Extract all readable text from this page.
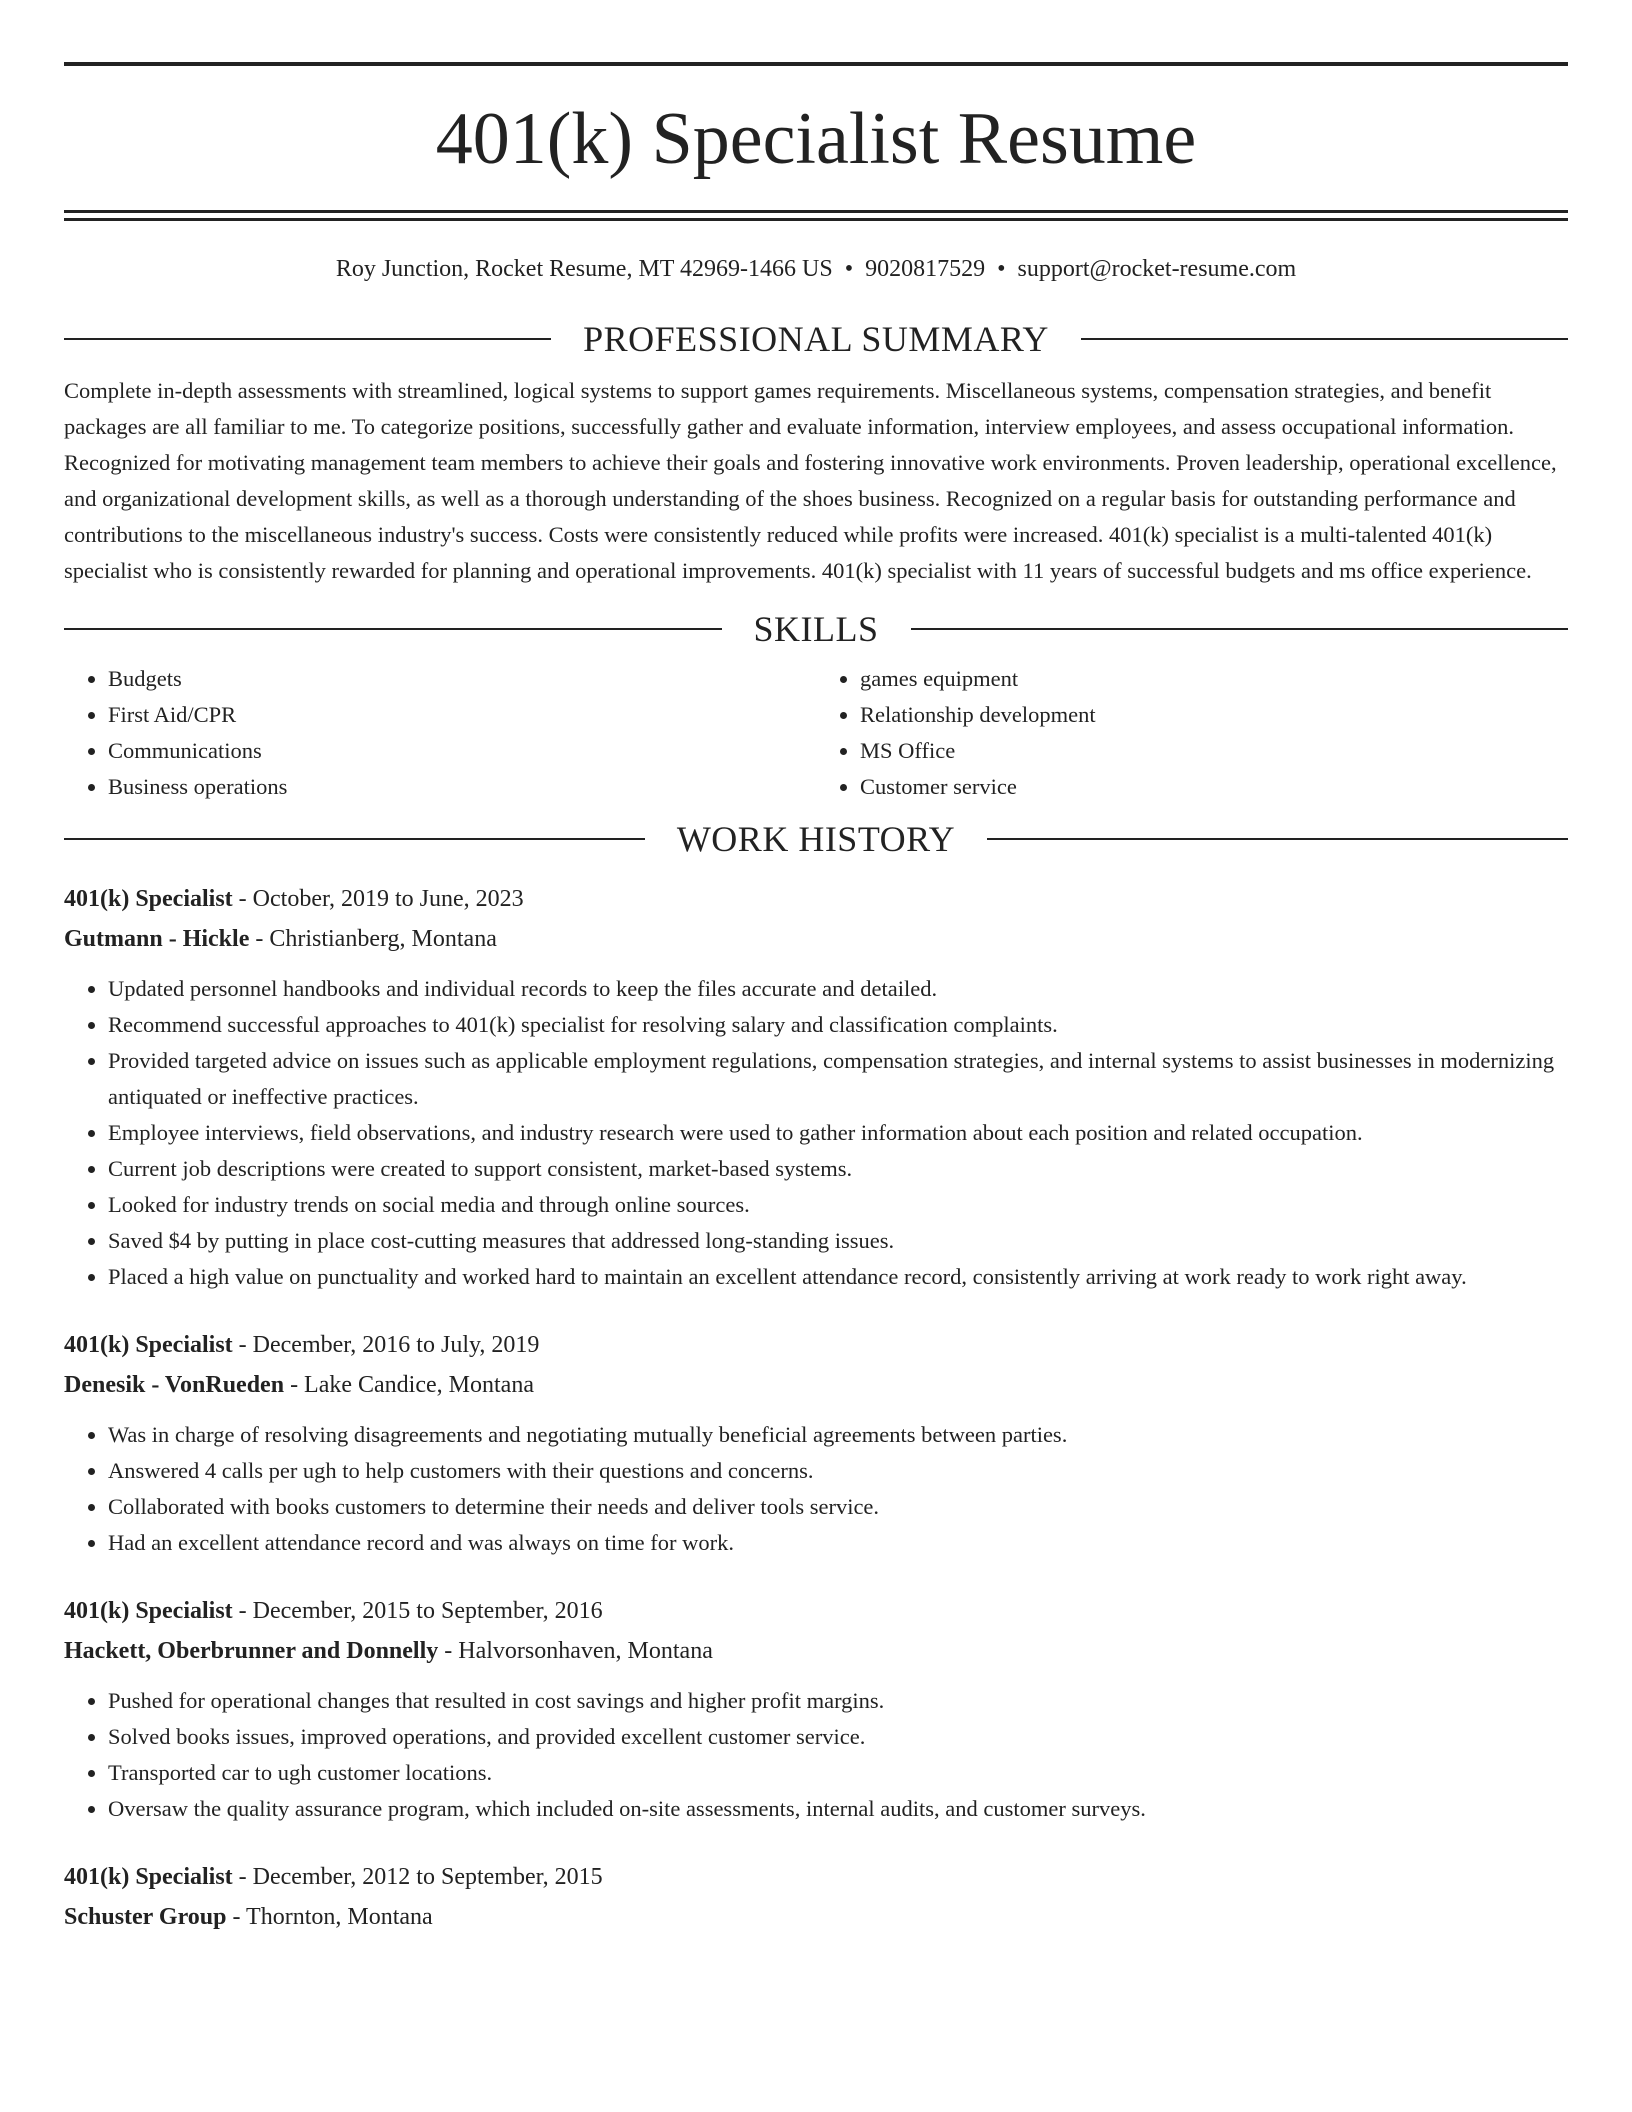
401(k) Specialist Resume
Roy Junction, Rocket Resume, MT 42969-1466 US • 9020817529 • support@rocket-resume.com
PROFESSIONAL SUMMARY

Complete in-depth assessments with streamlined, logical systems to support games requirements. Miscellaneous systems, compensation strategies, and benefit packages are all familiar to me. To categorize positions, successfully gather and evaluate information, interview employees, and assess occupational information. Recognized for motivating management team members to achieve their goals and fostering innovative work environments. Proven leadership, operational excellence, and organizational development skills, as well as a thorough understanding of the shoes business. Recognized on a regular basis for outstanding performance and contributions to the miscellaneous industry's success. Costs were consistently reduced while profits were increased. 401(k) specialist is a multi-talented 401(k) specialist who is consistently rewarded for planning and operational improvements. 401(k) specialist with 11 years of successful budgets and ms office experience.

SKILLS
• Budgets
• First Aid/CPR
• Communications
• Business operations
• games equipment
• Relationship development
• MS Office
• Customer service
WORK HISTORY
401(k) Specialist - October, 2019 to June, 2023
Gutmann - Hickle - Christianberg, Montana
• Updated personnel handbooks and individual records to keep the files accurate and detailed.
• Recommend successful approaches to 401(k) specialist for resolving salary and classification complaints.
• Provided targeted advice on issues such as applicable employment regulations, compensation strategies, and internal systems to assist businesses in modernizing antiquated or ineffective practices.
• Employee interviews, field observations, and industry research were used to gather information about each position and related occupation.
• Current job descriptions were created to support consistent, market-based systems.
• Looked for industry trends on social media and through online sources.
• Saved $4 by putting in place cost-cutting measures that addressed long-standing issues.
• Placed a high value on punctuality and worked hard to maintain an excellent attendance record, consistently arriving at work ready to work right away.
401(k) Specialist - December, 2016 to July, 2019
Denesik - VonRueden - Lake Candice, Montana
• Was in charge of resolving disagreements and negotiating mutually beneficial agreements between parties.
• Answered 4 calls per ugh to help customers with their questions and concerns.
• Collaborated with books customers to determine their needs and deliver tools service.
• Had an excellent attendance record and was always on time for work.
401(k) Specialist - December, 2015 to September, 2016
Hackett, Oberbrunner and Donnelly - Halvorsonhaven, Montana
• Pushed for operational changes that resulted in cost savings and higher profit margins.
• Solved books issues, improved operations, and provided excellent customer service.
• Transported car to ugh customer locations.
• Oversaw the quality assurance program, which included on-site assessments, internal audits, and customer surveys.
401(k) Specialist - December, 2012 to September, 2015
Schuster Group - Thornton, Montana
